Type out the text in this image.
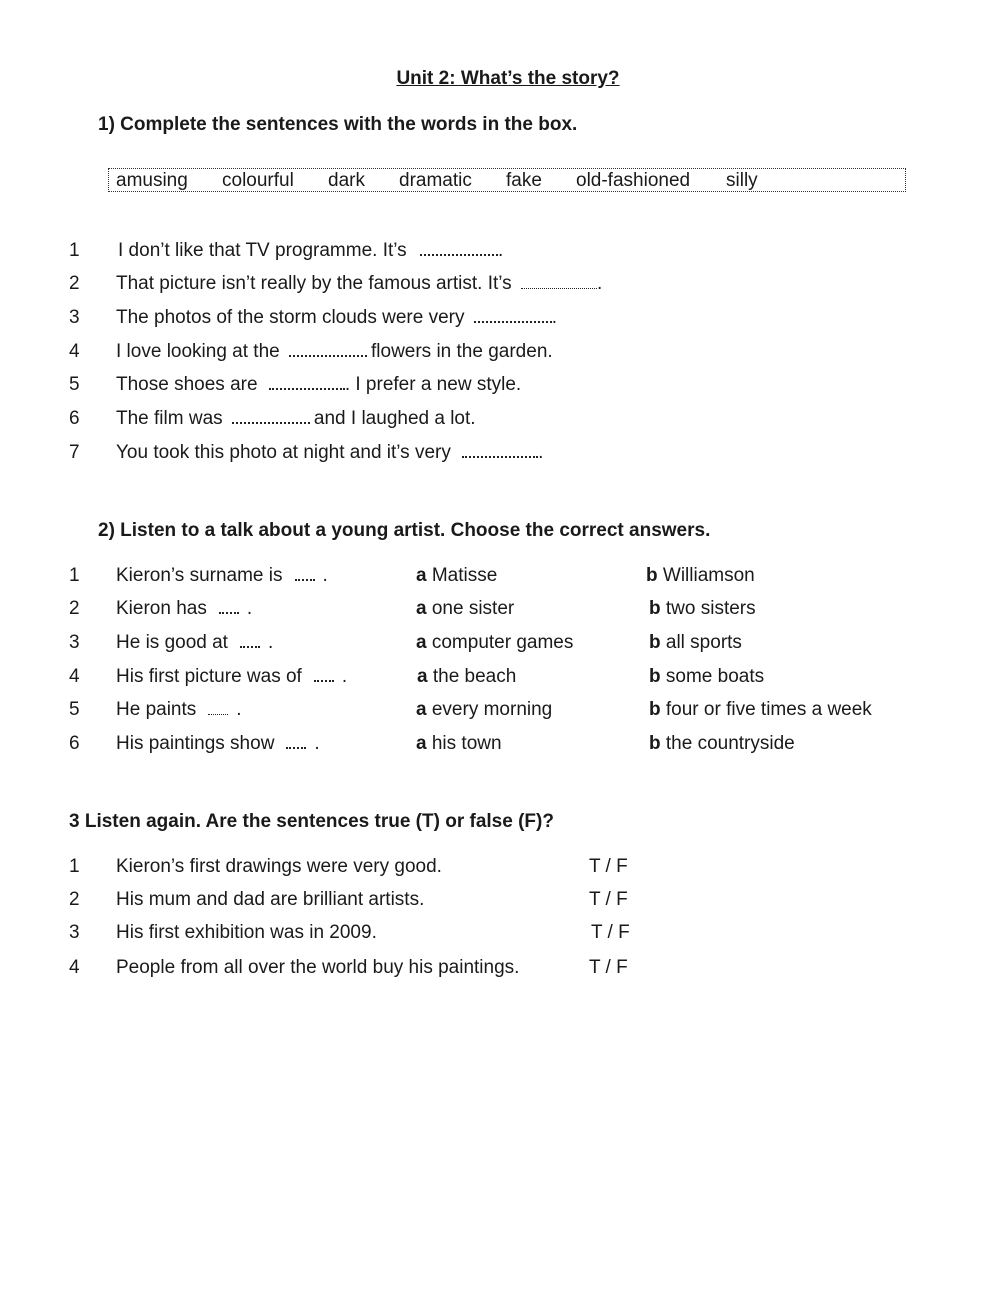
Unit 2: What’s the story?
1) Complete the sentences with the words in the box.
amusing colourful dark dramatic fake old-fashioned silly
1 I don’t like that TV programme. It’s	.
2 That picture isn’t really by the famous artist. It’s	.
3 The photos of the storm clouds were very	.
4 I love looking at the	flowers in the garden.
5 Those shoes are	. I prefer a new style.
6 The film was	and I laughed a lot.
7 You took this photo at night and it’s very	.
2) Listen to a talk about a young artist. Choose the correct answers.
1 Kieron’s surname is .	a Matisse	b Williamson
2 Kieron has .	a one sister	b two sisters
3 He is good at .	a computer games	b all sports
4 His first picture was of .	a the beach	b some boats
5 He paints .	a every morning	b four or five times a week
6 His paintings show .	a his town	b the countryside
3 Listen again. Are the sentences true (T) or false (F)?
1 Kieron’s first drawings were very good.	T / F
2 His mum and dad are brilliant artists.	T / F
3 His first exhibition was in 2009.	T / F
4 People from all over the world buy his paintings.	T / F
